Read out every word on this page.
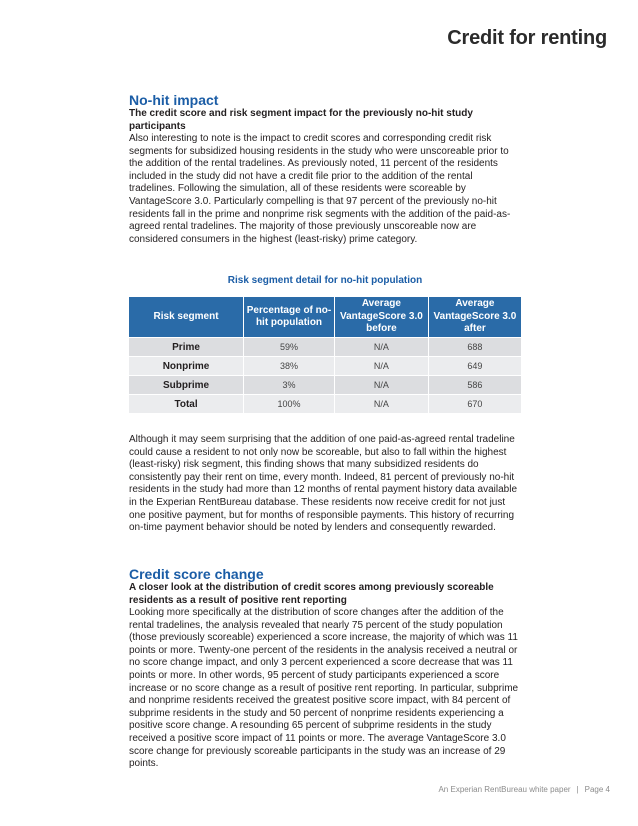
Credit for renting
No-hit impact

The credit score and risk segment impact for the previously no-hit study participants

Also interesting to note is the impact to credit scores and corresponding credit risk segments for subsidized housing residents in the study who were unscoreable prior to the addition of the rental tradelines. As previously noted, 11 percent of the residents included in the study did not have a credit file prior to the addition of the rental tradelines. Following the simulation, all of these residents were scoreable by VantageScore 3.0. Particularly compelling is that 97 percent of the previously no-hit residents fall in the prime and nonprime risk segments with the addition of the paid-as-agreed rental tradelines. The majority of those previously unscoreable now are considered consumers in the highest (least-risky) prime category.

Risk segment detail for no-hit population
Risk segment	Percentage of no-hit population	Average VantageScore 3.0 before	Average VantageScore 3.0 after
Prime	59%	N/A	688
Nonprime	38%	N/A	649
Subprime	3%	N/A	586
Total	100%	N/A	670

Although it may seem surprising that the addition of one paid-as-agreed rental tradeline could cause a resident to not only now be scoreable, but also to fall within the highest (least-risky) risk segment, this finding shows that many subsidized residents do consistently pay their rent on time, every month. Indeed, 81 percent of previously no-hit residents in the study had more than 12 months of rental payment history data available in the Experian RentBureau database. These residents now receive credit for not just one positive payment, but for months of responsible payments. This history of recurring on-time payment behavior should be noted by lenders and consequently rewarded.

Credit score change

A closer look at the distribution of credit scores among previously scoreable residents as a result of positive rent reporting

Looking more specifically at the distribution of score changes after the addition of the rental tradelines, the analysis revealed that nearly 75 percent of the study population (those previously scoreable) experienced a score increase, the majority of which was 11 points or more. Twenty-one percent of the residents in the analysis received a neutral or no score change impact, and only 3 percent experienced a score decrease that was 11 points or more. In other words, 95 percent of study participants experienced a score increase or no score change as a result of positive rent reporting. In particular, subprime and nonprime residents received the greatest positive score impact, with 84 percent of subprime residents in the study and 50 percent of nonprime residents experiencing a positive score change. A resounding 65 percent of subprime residents in the study received a positive score impact of 11 points or more. The average VantageScore 3.0 score change for previously scoreable participants in the study was an increase of 29 points.

An Experian RentBureau white paper | Page 4
